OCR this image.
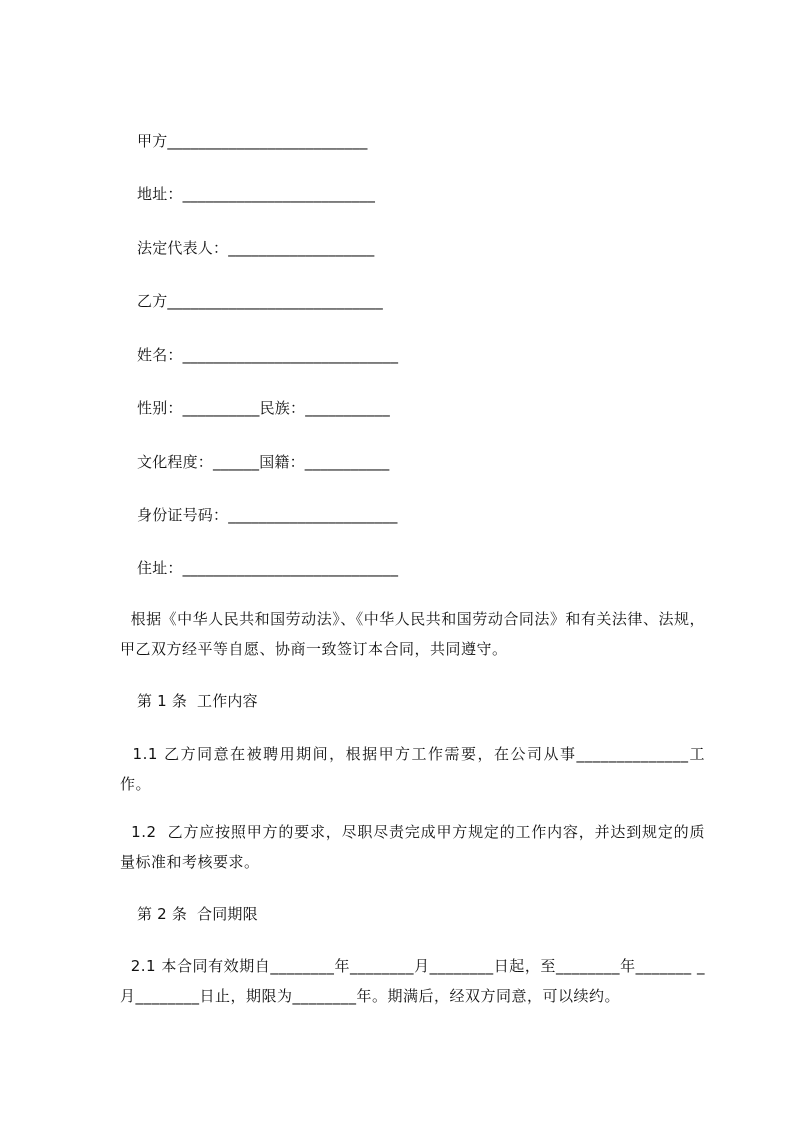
甲方__________________________
地址：_________________________
法定代表人：___________________
乙方____________________________
姓名：____________________________
性别：__________民族：___________
文化程度：______国籍：___________
身份证号码：______________________
住址：____________________________
根据《中华人民共和国劳动法》、《中华人民共和国劳动合同法》和有关法律、法规，甲乙双方经平等自愿、协商一致签订本合同，共同遵守。
第 1 条  工作内容
1.1 乙方同意在被聘用期间，根据甲方工作需要，在公司从事______________工作。
1.2  乙方应按照甲方的要求，尽职尽责完成甲方规定的工作内容，并达到规定的质量标准和考核要求。
第 2 条  合同期限
2.1 本合同有效期自________年________月________日起，至________年_______ _月________日止，期限为________年。期满后，经双方同意，可以续约。
